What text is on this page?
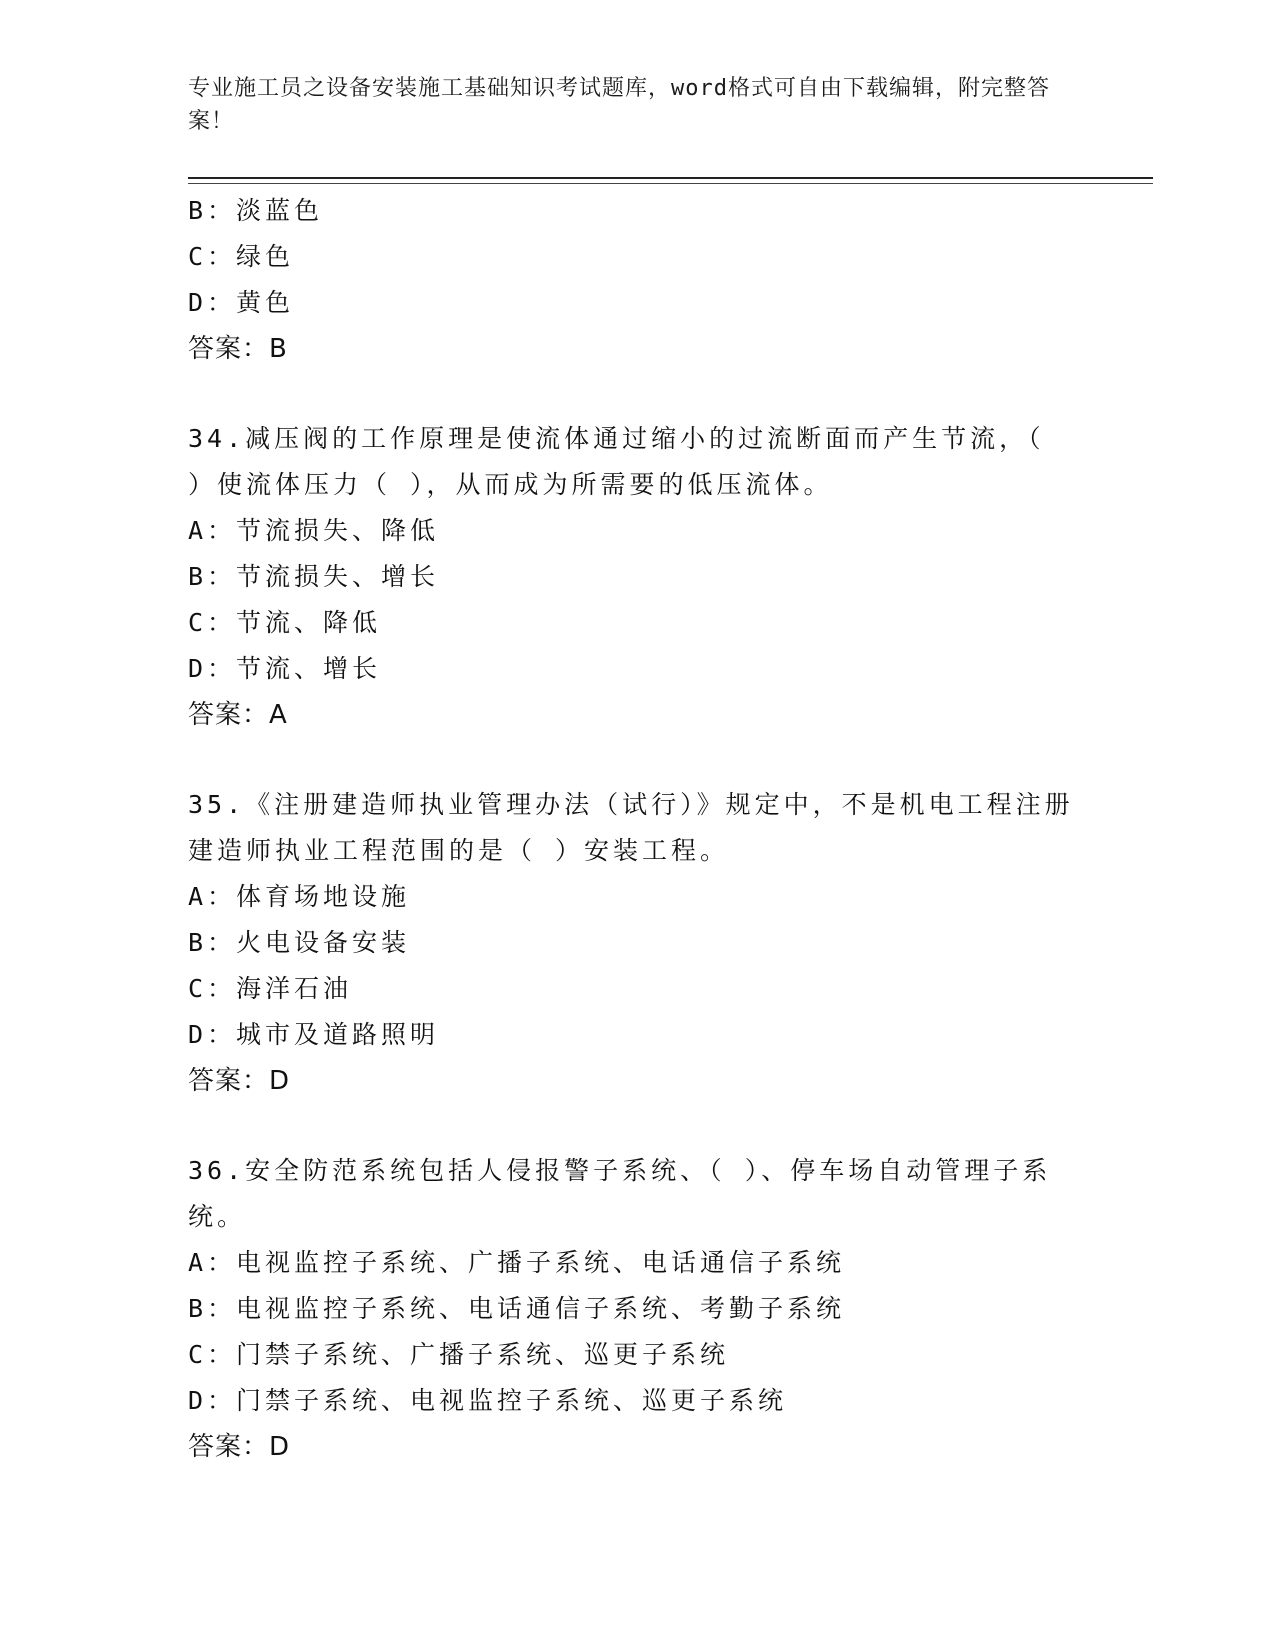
专业施工员之设备安装施工基础知识考试题库，word格式可自由下载编辑，附完整答案！
B：淡蓝色
C：绿色
D：黄色
答案：B
34.减压阀的工作原理是使流体通过缩小的过流断面而产生节流，（
）使流体压力（ ），从而成为所需要的低压流体。
A：节流损失、降低
B：节流损失、增长
C：节流、降低
D：节流、增长
答案：A
35.《注册建造师执业管理办法（试行）》规定中，不是机电工程注册
建造师执业工程范围的是（ ）安装工程。
A：体育场地设施
B：火电设备安装
C：海洋石油
D：城市及道路照明
答案：D
36.安全防范系统包括人侵报警子系统、（ ）、停车场自动管理子系
统。
A：电视监控子系统、广播子系统、电话通信子系统
B：电视监控子系统、电话通信子系统、考勤子系统
C：门禁子系统、广播子系统、巡更子系统
D：门禁子系统、电视监控子系统、巡更子系统
答案：D
